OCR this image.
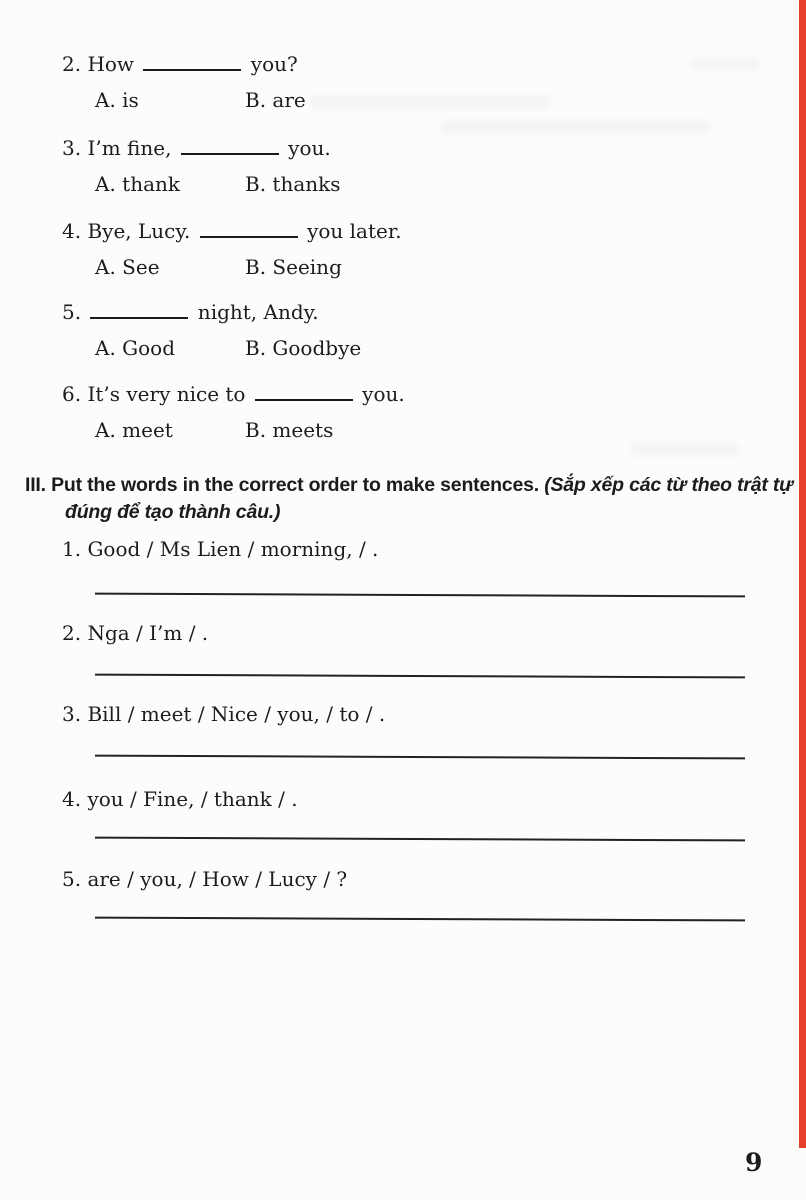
2. How	you?
A. is	B. are
3. I’m fine,	you.
A. thank	B. thanks
4. Bye, Lucy.	you later.
A. See	B. Seeing
5.	night, Andy.
A. Good	B. Goodbye
6. It’s very nice to	you.
A. meet	B. meets
III. Put the words in the correct order to make sentences. (Sắp xếp các từ theo trật tự đúng để tạo thành câu.)
1. Good / Ms Lien / morning, / .
2. Nga / I’m / .
3. Bill / meet / Nice / you, / to / .
4. you / Fine, / thank / .
5. are / you, / How / Lucy / ?
9
